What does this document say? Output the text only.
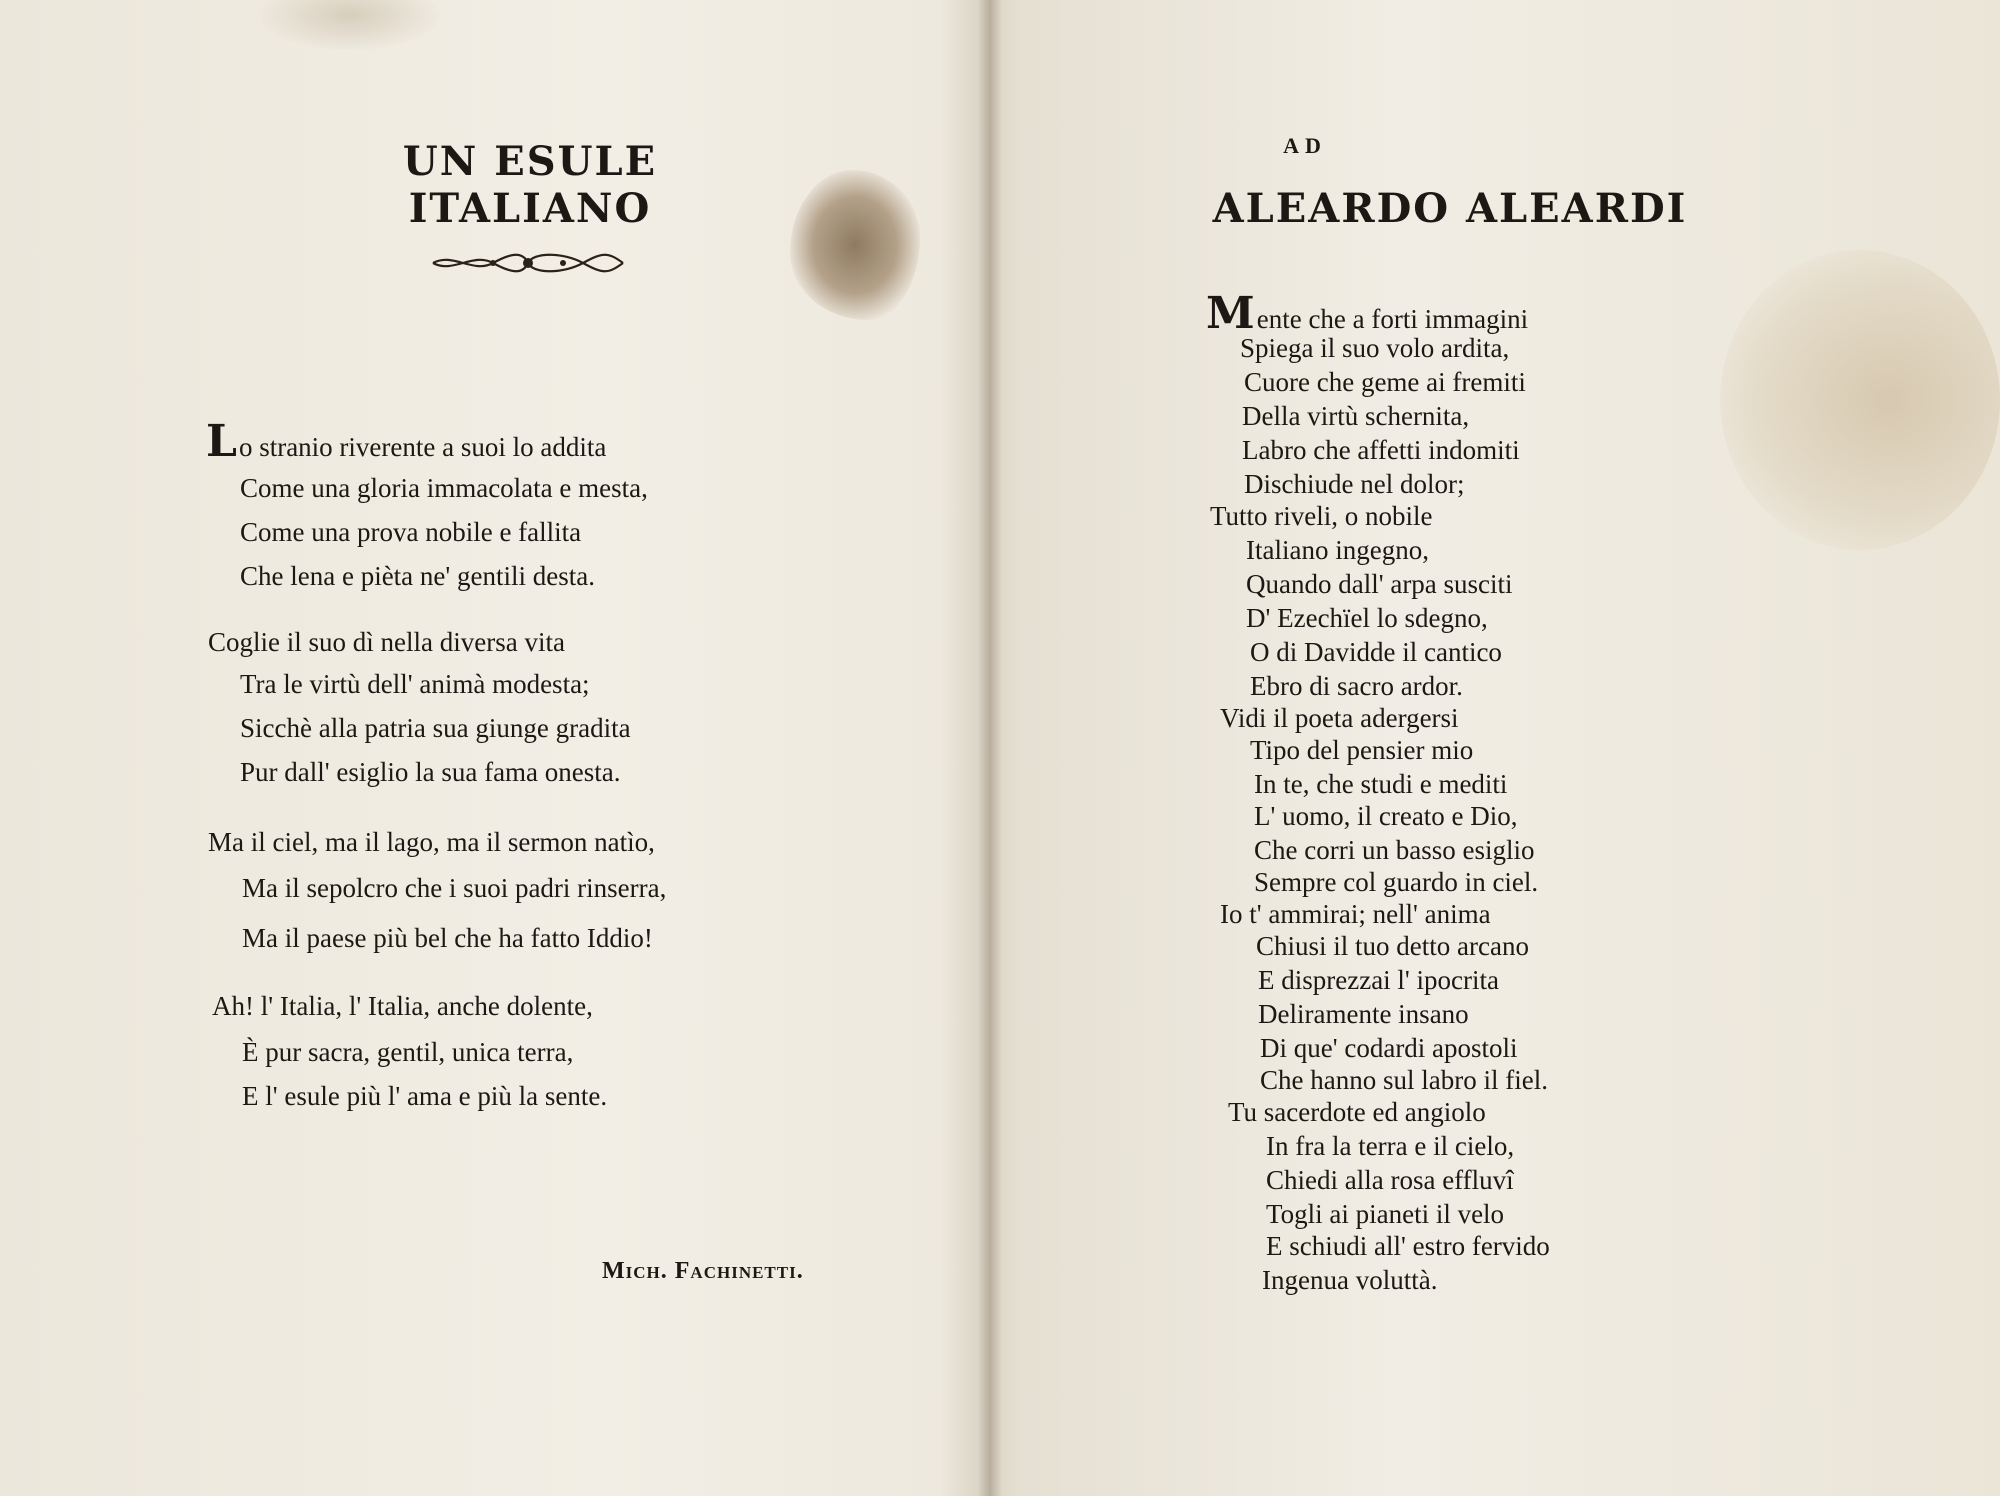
UN ESULE ITALIANO
Lo stranio riverente a suoi lo addita
Come una gloria immacolata e mesta,
Come una prova nobile e fallita
Che lena e pièta ne' gentili desta.
Coglie il suo dì nella diversa vita
Tra le virtù dell' animà modesta;
Sicchè alla patria sua giunge gradita
Pur dall' esiglio la sua fama onesta.
Ma il ciel, ma il lago, ma il sermon natìo,
Ma il sepolcro che i suoi padri rinserra,
Ma il paese più bel che ha fatto Iddio!
Ah! l' Italia, l' Italia, anche dolente,
È pur sacra, gentil, unica terra,
E l' esule più l' ama e più la sente.
Mich. Fachinetti.
AD
ALEARDO ALEARDI
Mente che a forti immagini
Spiega il suo volo ardita,
Cuore che geme ai fremiti
Della virtù schernita,
Labro che affetti indomiti
Dischiude nel dolor;
Tutto riveli, o nobile
Italiano ingegno,
Quando dall' arpa susciti
D' Ezechïel lo sdegno,
O di Davidde il cantico
Ebro di sacro ardor.
Vidi il poeta adergersi
Tipo del pensier mio
In te, che studi e mediti
L' uomo, il creato e Dio,
Che corri un basso esiglio
Sempre col guardo in ciel.
Io t' ammirai; nell' anima
Chiusi il tuo detto arcano
E disprezzai l' ipocrita
Deliramente insano
Di que' codardi apostoli
Che hanno sul labro il fiel.
Tu sacerdote ed angiolo
In fra la terra e il cielo,
Chiedi alla rosa effluvî
Togli ai pianeti il velo
E schiudi all' estro fervido
Ingenua voluttà.
